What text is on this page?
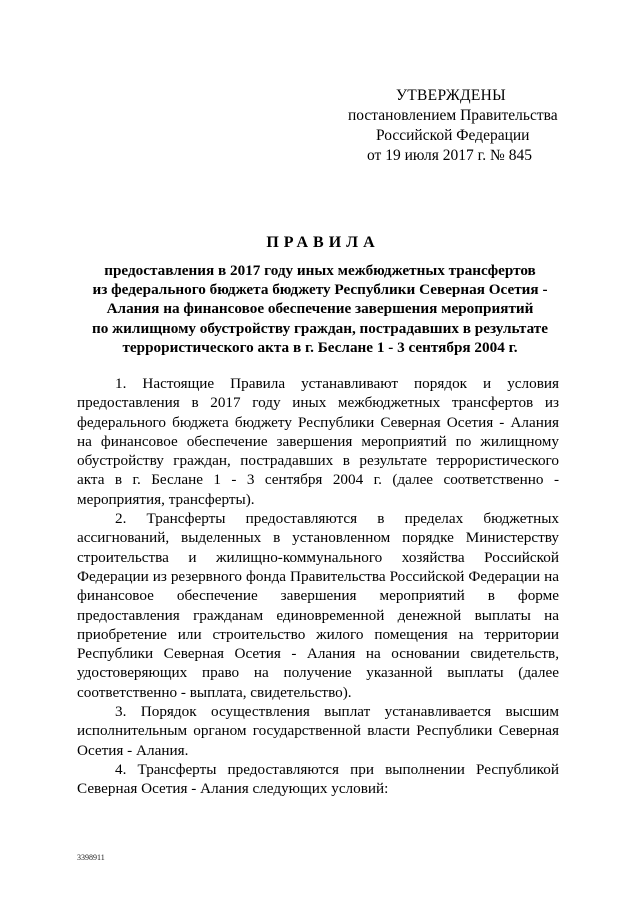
УТВЕРЖДЕНЫ
постановлением Правительства
Российской Федерации
от 19 июля 2017 г. № 845
ПРАВИЛА
предоставления в 2017 году иных межбюджетных трансфертов
из федерального бюджета бюджету Республики Северная Осетия -
Алания на финансовое обеспечение завершения мероприятий
по жилищному обустройству граждан, пострадавших в результате
террористического акта в г. Беслане 1 - 3 сентября 2004 г.

1. Настоящие Правила устанавливают порядок и условия предоставления в 2017 году иных межбюджетных трансфертов из федерального бюджета бюджету Республики Северная Осетия - Алания на финансовое обеспечение завершения мероприятий по жилищному обустройству граждан, пострадавших в результате террористического акта в г. Беслане 1 - 3 сентября 2004 г. (далее соответственно - мероприятия, трансферты).

2. Трансферты предоставляются в пределах бюджетных ассигнований, выделенных в установленном порядке Министерству строительства и жилищно-коммунального хозяйства Российской Федерации из резервного фонда Правительства Российской Федерации на финансовое обеспечение завершения мероприятий в форме предоставления гражданам единовременной денежной выплаты на приобретение или строительство жилого помещения на территории Республики Северная Осетия - Алания на основании свидетельств, удостоверяющих право на получение указанной выплаты (далее соответственно - выплата, свидетельство).

3. Порядок осуществления выплат устанавливается высшим исполнительным органом государственной власти Республики Северная Осетия - Алания.

4. Трансферты предоставляются при выполнении Республикой Северная Осетия - Алания следующих условий:

3398911
